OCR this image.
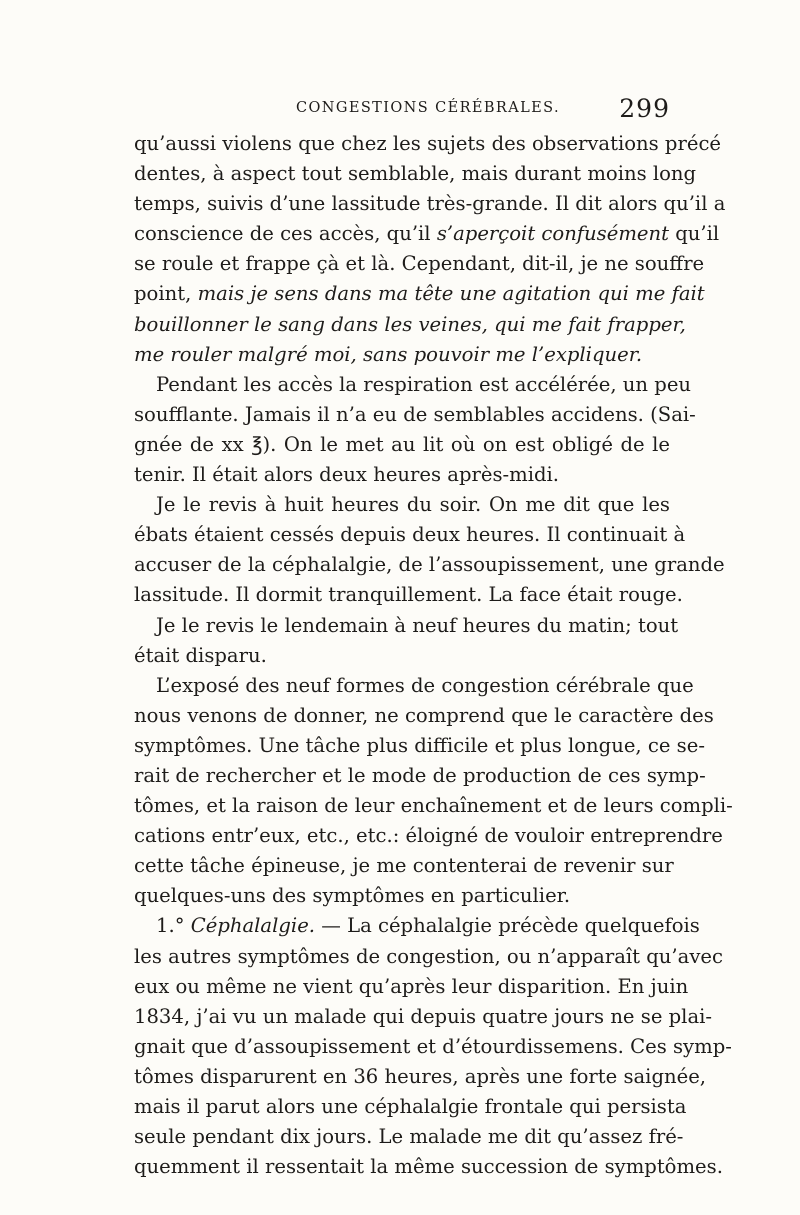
CONGESTIONS CÉRÉBRALES. 299
qu’aussi violens que chez les sujets des observations précé
dentes, à aspect tout semblable, mais durant moins long
temps, suivis d’une lassitude très-grande. Il dit alors qu’il a
conscience de ces accès, qu’il s’aperçoit confusément qu’il
se roule et frappe çà et là. Cependant, dit-il, je ne souffre
point, mais je sens dans ma tête une agitation qui me fait
bouillonner le sang dans les veines, qui me fait frapper,
me rouler malgré moi, sans pouvoir me l’expliquer.
Pendant les accès la respiration est accélérée, un peu
soufflante. Jamais il n’a eu de semblables accidens. (Sai-
gnée de xx ℥). On le met au lit où on est obligé de le
tenir. Il était alors deux heures après-midi.
Je le revis à huit heures du soir. On me dit que les
ébats étaient cessés depuis deux heures. Il continuait à
accuser de la céphalalgie, de l’assoupissement, une grande
lassitude. Il dormit tranquillement. La face était rouge.
Je le revis le lendemain à neuf heures du matin; tout
était disparu.
L’exposé des neuf formes de congestion cérébrale que
nous venons de donner, ne comprend que le caractère des
symptômes. Une tâche plus difficile et plus longue, ce se-
rait de rechercher et le mode de production de ces symp-
tômes, et la raison de leur enchaînement et de leurs compli-
cations entr’eux, etc., etc.: éloigné de vouloir entreprendre
cette tâche épineuse, je me contenterai de revenir sur
quelques-uns des symptômes en particulier.
1.° Céphalalgie. — La céphalalgie précède quelquefois
les autres symptômes de congestion, ou n’apparaît qu’avec
eux ou même ne vient qu’après leur disparition. En juin
1834, j’ai vu un malade qui depuis quatre jours ne se plai-
gnait que d’assoupissement et d’étourdissemens. Ces symp-
tômes disparurent en 36 heures, après une forte saignée,
mais il parut alors une céphalalgie frontale qui persista
seule pendant dix jours. Le malade me dit qu’assez fré-
quemment il ressentait la même succession de symptômes.
